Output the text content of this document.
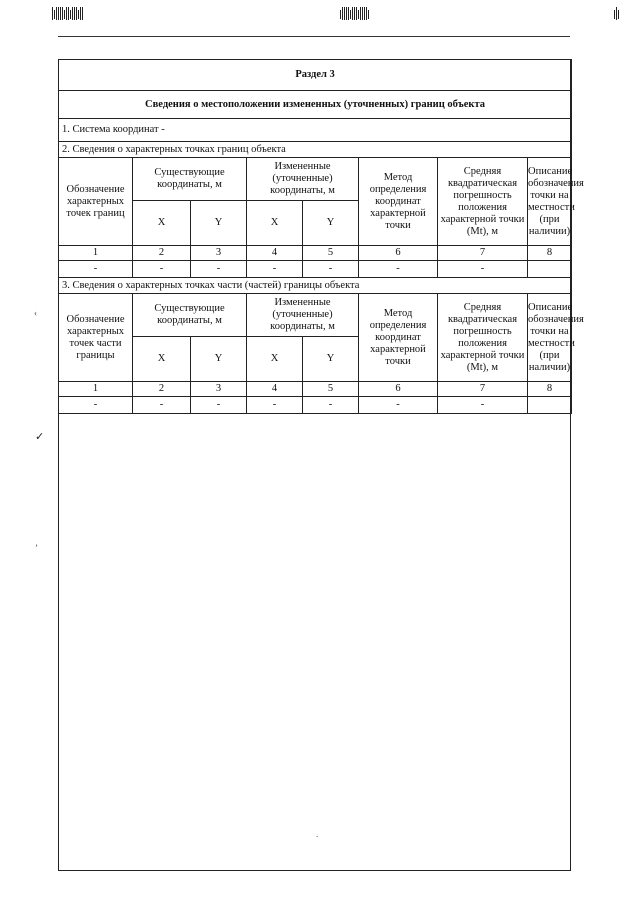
Раздел 3							
Сведения о местоположении измененных (уточненных) границ объекта							
1. Система координат -							
2. Сведения о характерных точках границ объекта							
Обозначение характерных точек границ	Существующие координаты, м		Измененные (уточненные) координаты, м		Метод определения координат характерной точки	Средняя квадратическая погрешность положения характерной точки (Mt), м	Описание обозначения точки на местности (при наличии)
	X	Y	X	Y			
1	2	3	4	5	6	7	8
-	-	-	-	-	-	-	
3. Сведения о характерных точках части (частей) границы объекта							
Обозначение характерных точек части границы	Существующие координаты, м		Измененные (уточненные) координаты, м		Метод определения координат характерной точки	Средняя квадратическая погрешность положения характерной точки (Mt), м	Описание обозначения точки на местности (при наличии)
	X	Y	X	Y			
1	2	3	4	5	6	7	8
-	-	-	-	-	-	-	
‹
✓
’
.
